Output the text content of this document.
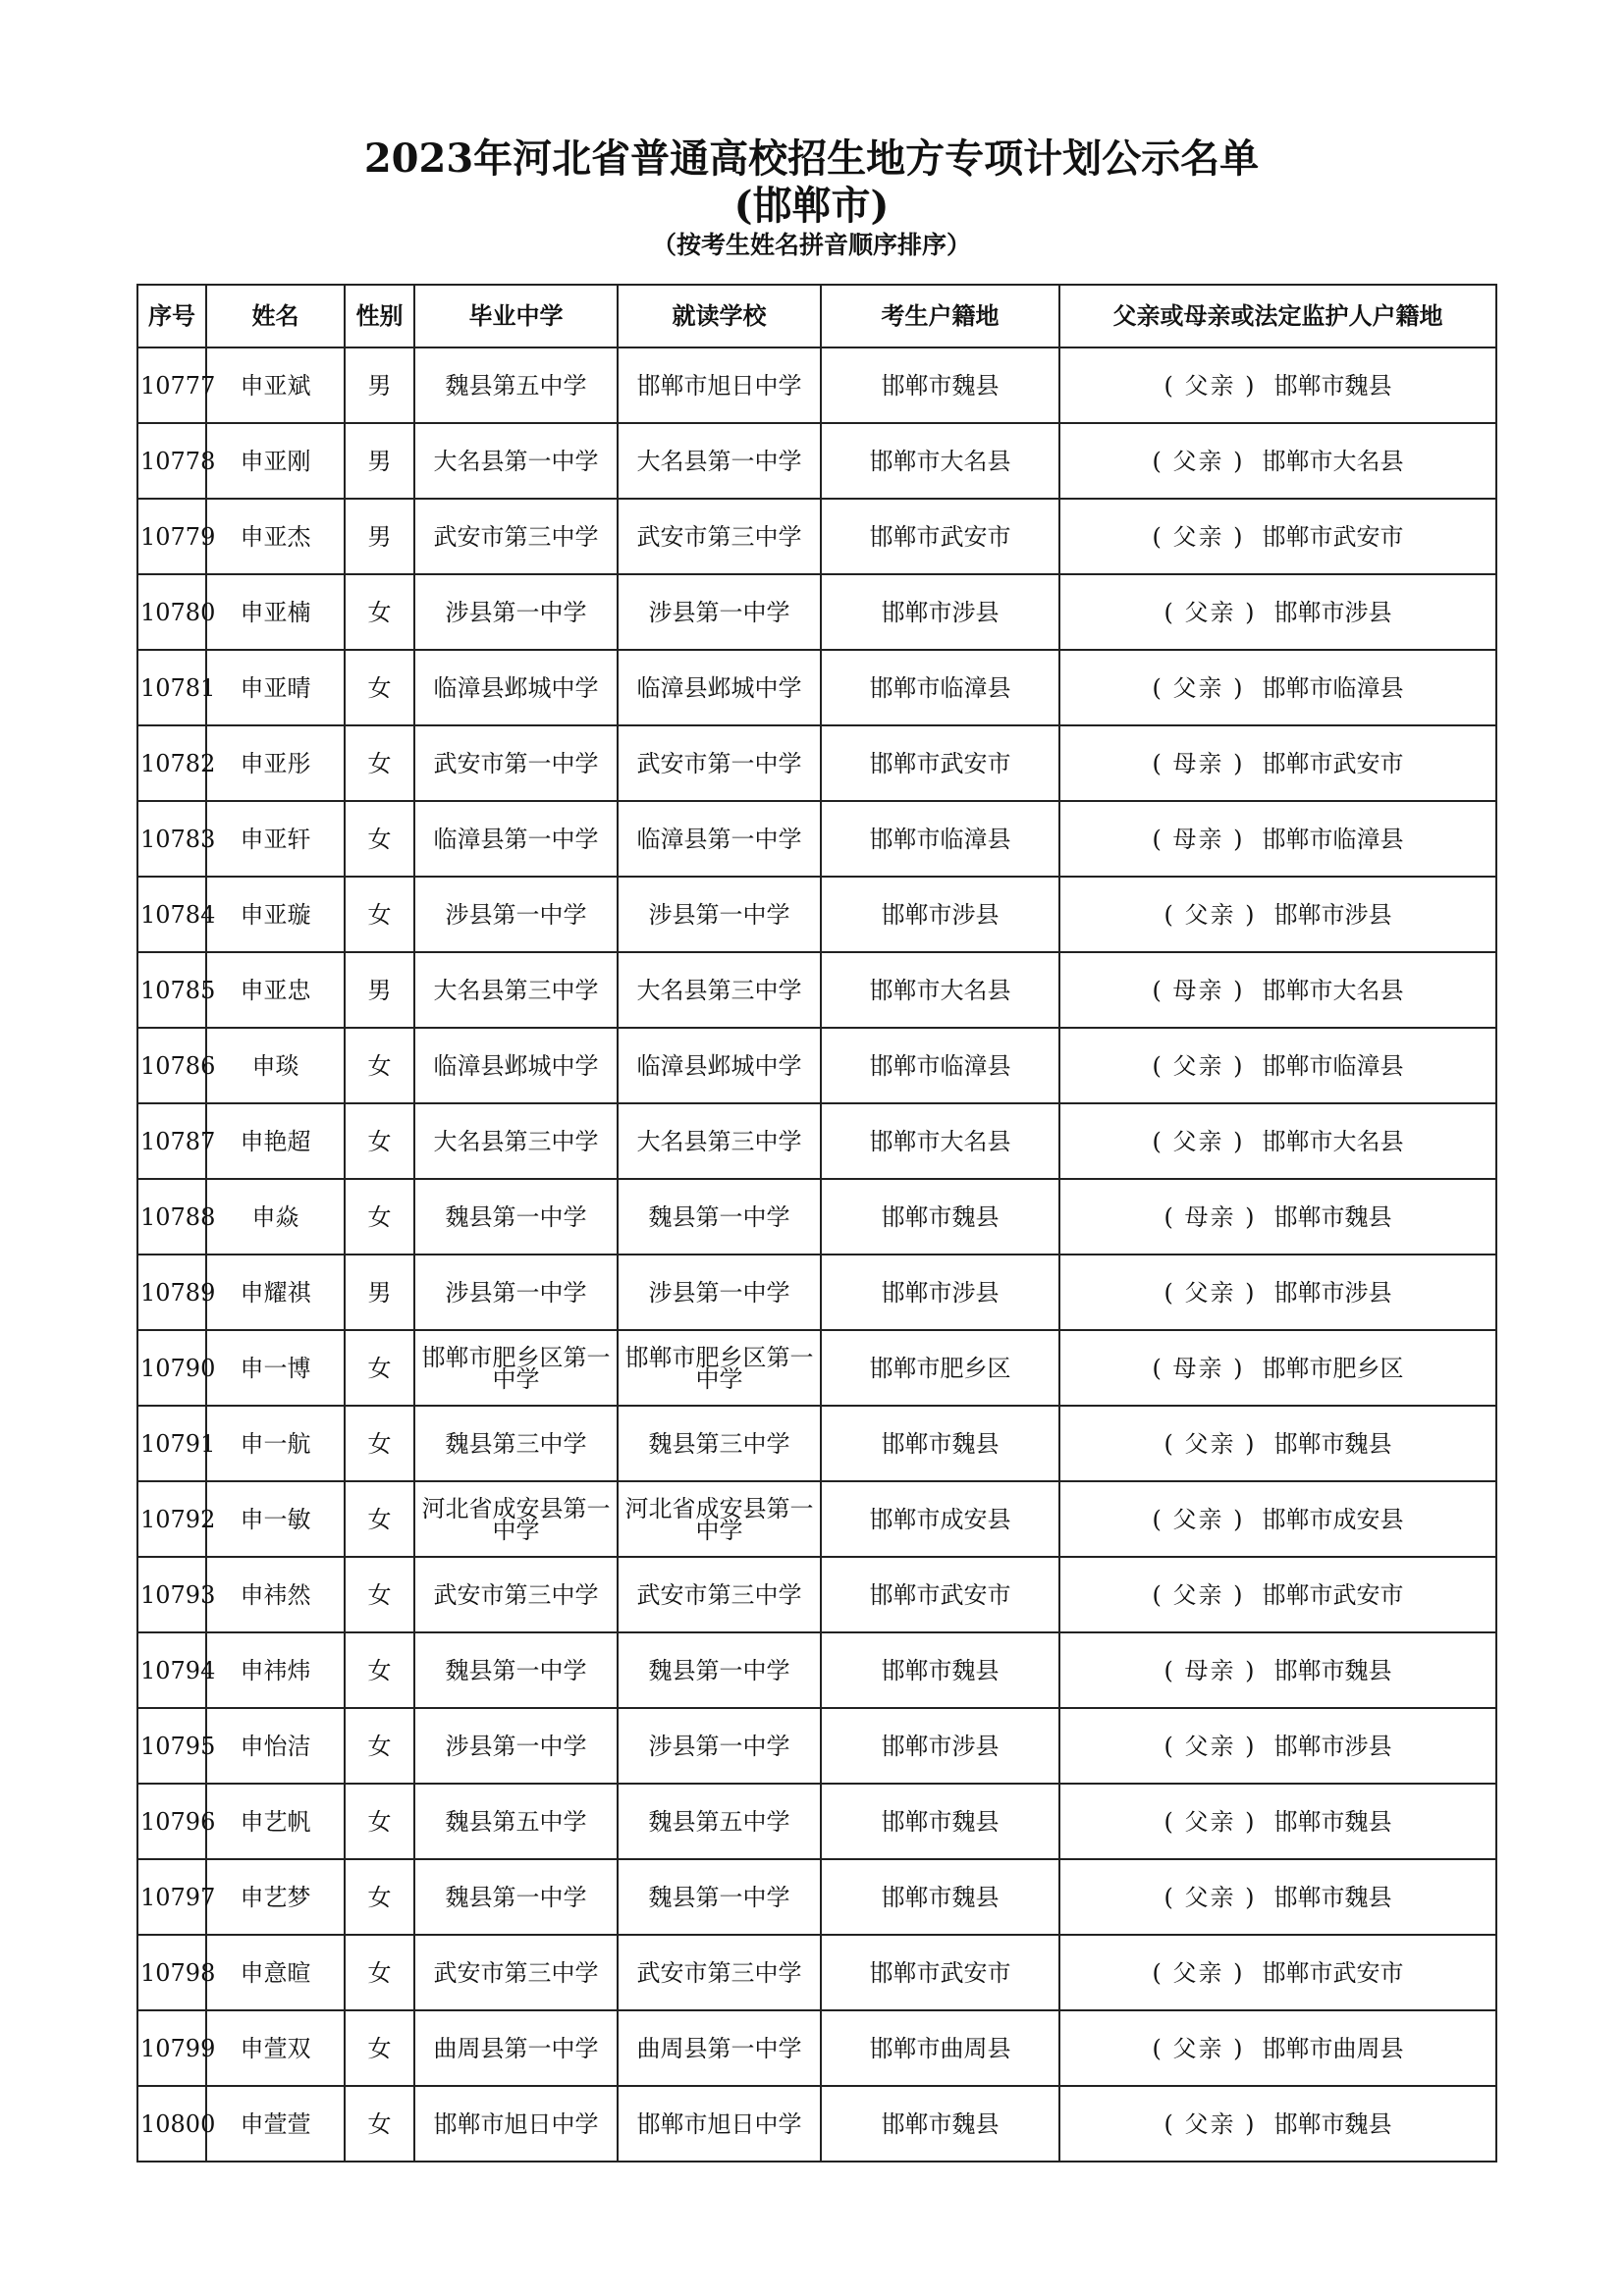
2023年河北省普通高校招生地方专项计划公示名单
(邯郸市)
（按考生姓名拼音顺序排序）
序号	姓名	性别	毕业中学	就读学校	考生户籍地	父亲或母亲或法定监护人户籍地
10777	申亚斌	男	魏县第五中学	邯郸市旭日中学	邯郸市魏县	( 父亲 ) 邯郸市魏县
10778	申亚刚	男	大名县第一中学	大名县第一中学	邯郸市大名县	( 父亲 ) 邯郸市大名县
10779	申亚杰	男	武安市第三中学	武安市第三中学	邯郸市武安市	( 父亲 ) 邯郸市武安市
10780	申亚楠	女	涉县第一中学	涉县第一中学	邯郸市涉县	( 父亲 ) 邯郸市涉县
10781	申亚晴	女	临漳县邺城中学	临漳县邺城中学	邯郸市临漳县	( 父亲 ) 邯郸市临漳县
10782	申亚彤	女	武安市第一中学	武安市第一中学	邯郸市武安市	( 母亲 ) 邯郸市武安市
10783	申亚轩	女	临漳县第一中学	临漳县第一中学	邯郸市临漳县	( 母亲 ) 邯郸市临漳县
10784	申亚璇	女	涉县第一中学	涉县第一中学	邯郸市涉县	( 父亲 ) 邯郸市涉县
10785	申亚忠	男	大名县第三中学	大名县第三中学	邯郸市大名县	( 母亲 ) 邯郸市大名县
10786	申琰	女	临漳县邺城中学	临漳县邺城中学	邯郸市临漳县	( 父亲 ) 邯郸市临漳县
10787	申艳超	女	大名县第三中学	大名县第三中学	邯郸市大名县	( 父亲 ) 邯郸市大名县
10788	申焱	女	魏县第一中学	魏县第一中学	邯郸市魏县	( 母亲 ) 邯郸市魏县
10789	申耀祺	男	涉县第一中学	涉县第一中学	邯郸市涉县	( 父亲 ) 邯郸市涉县
10790	申一博	女	邯郸市肥乡区第一中学	邯郸市肥乡区第一中学	邯郸市肥乡区	( 母亲 ) 邯郸市肥乡区
10791	申一航	女	魏县第三中学	魏县第三中学	邯郸市魏县	( 父亲 ) 邯郸市魏县
10792	申一敏	女	河北省成安县第一中学	河北省成安县第一中学	邯郸市成安县	( 父亲 ) 邯郸市成安县
10793	申祎然	女	武安市第三中学	武安市第三中学	邯郸市武安市	( 父亲 ) 邯郸市武安市
10794	申祎炜	女	魏县第一中学	魏县第一中学	邯郸市魏县	( 母亲 ) 邯郸市魏县
10795	申怡洁	女	涉县第一中学	涉县第一中学	邯郸市涉县	( 父亲 ) 邯郸市涉县
10796	申艺帆	女	魏县第五中学	魏县第五中学	邯郸市魏县	( 父亲 ) 邯郸市魏县
10797	申艺梦	女	魏县第一中学	魏县第一中学	邯郸市魏县	( 父亲 ) 邯郸市魏县
10798	申意暄	女	武安市第三中学	武安市第三中学	邯郸市武安市	( 父亲 ) 邯郸市武安市
10799	申萱双	女	曲周县第一中学	曲周县第一中学	邯郸市曲周县	( 父亲 ) 邯郸市曲周县
10800	申萱萱	女	邯郸市旭日中学	邯郸市旭日中学	邯郸市魏县	( 父亲 ) 邯郸市魏县
